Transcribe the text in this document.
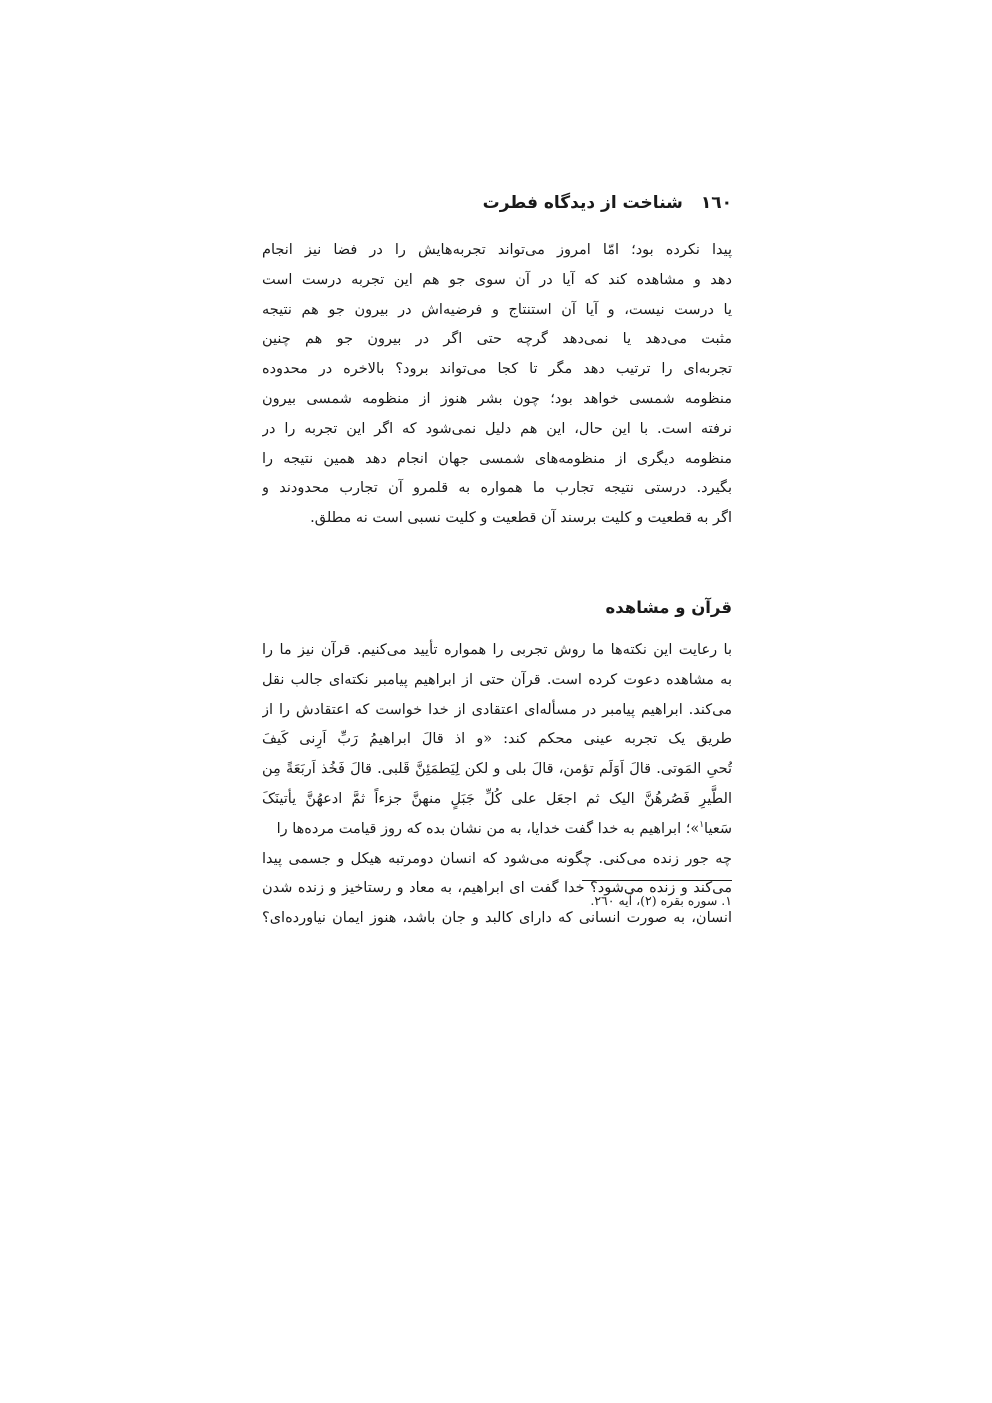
١٦٠
شناخت از دیدگاه فطرت
پیدا نکرده بود؛ امّا امروز می‌تواند تجربه‌هایش را در فضا نیز انجام
دهد و مشاهده کند که آیا در آن سوی جو هم این تجربه درست است
یا درست نیست، و آیا آن استنتاج و فرضیه‌اش در بیرون جو هم نتیجه
مثبت می‌دهد یا نمی‌دهد گرچه حتی اگر در بیرون جو هم چنین
تجربه‌ای را ترتیب دهد مگر تا کجا می‌تواند برود؟ بالاخره در محدوده
منظومه شمسی خواهد بود؛ چون بشر هنوز از منظومه شمسی بیرون
نرفته است. با این حال، این هم دلیل نمی‌شود که اگر این تجربه را در
منظومه دیگری از منظومه‌های شمسی جهان انجام دهد همین نتیجه را
بگیرد. درستی نتیجه تجارب ما همواره به قلمرو آن تجارب محدودند و
اگر به قطعیت و کلیت برسند آن قطعیت و کلیت نسبی است نه مطلق.
قرآن و مشاهده
با رعایت این نکته‌ها ما روش تجربی را همواره تأیید می‌کنیم. قرآن نیز ما را
به مشاهده دعوت کرده است. قرآن حتی از ابراهیم پیامبر نکته‌ای جالب نقل
می‌کند. ابراهیم پیامبر در مسأله‌ای اعتقادی از خدا خواست که اعتقادش را از
طریق یک تجربه عینی محکم کند: «و اذ قالَ ابراهیمُ رَبِّ اَرِنی کَیفَ
تُحیِ المَوتی. قالَ اَوَلَم تؤمن، قالَ بلی و لکن لِیَطمَئِنَّ قَلبی. قالَ فَخُذ اَربَعَةً مِن
الطَّیرِ فَصُرهُنَّ الیک ثم اجعَل علی کُلِّ جَبَلٍ منهنَّ جزءاً ثمَّ ادعهُنَّ یأتینَکَ
سَعیا$^١$»؛ ابراهیم به خدا گفت خدایا، به من نشان بده که روز قیامت مرده‌ها را
چه جور زنده می‌کنی. چگونه می‌شود که انسان دومرتبه هیکل و جسمی پیدا
می‌کند و زنده می‌شود؟ خدا گفت ای ابراهیم، به معاد و رستاخیز و زنده شدن
انسان، به صورت انسانی که دارای کالبد و جان باشد، هنوز ایمان نیاورده‌ای؟
١. سوره بقره (٢)، آیه ٢٦٠.
